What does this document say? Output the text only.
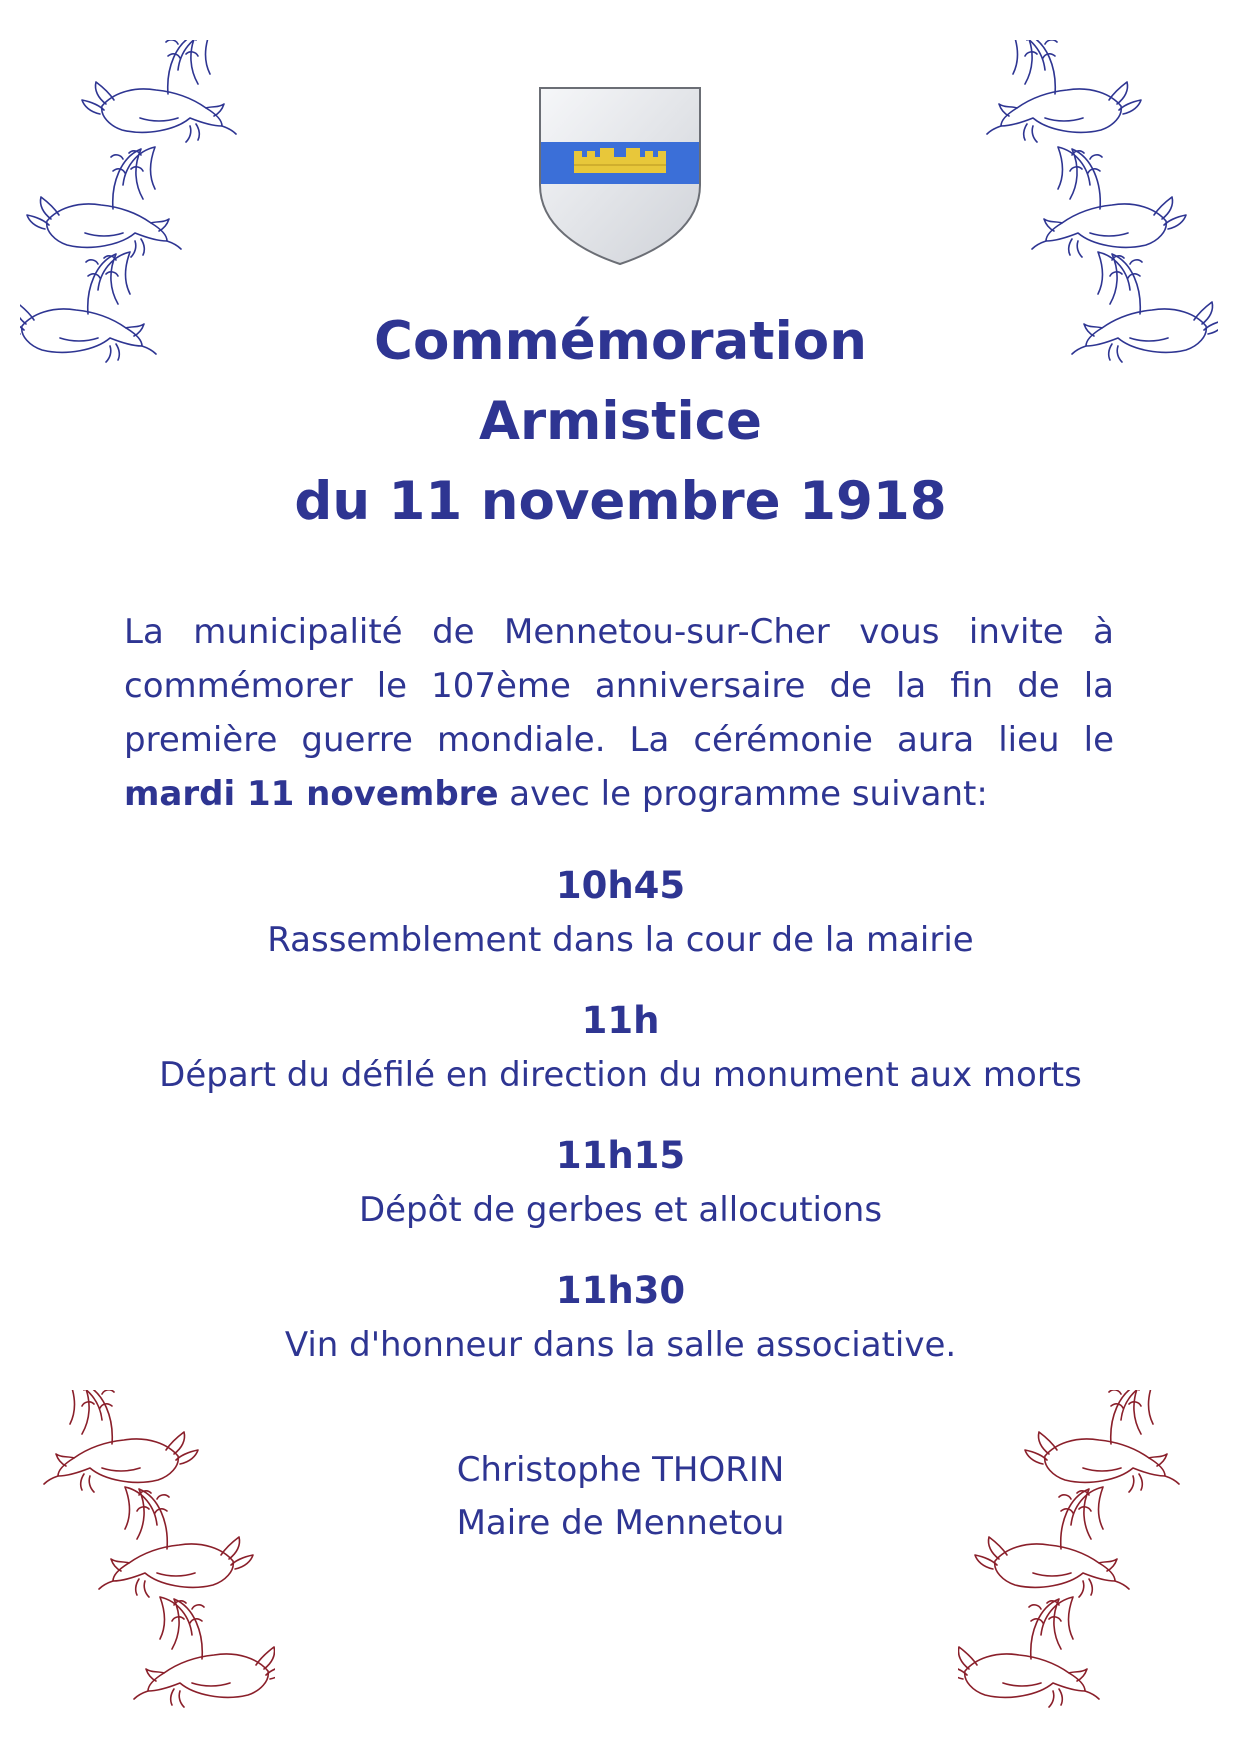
Commémoration
Armistice
du 11 novembre 1918
La municipalité de Mennetou-sur-Cher vous invite à commémorer le 107ème anniversaire de la fin de la première guerre mondiale. La cérémonie aura lieu le mardi 11 novembre avec le programme suivant:
10h45
Rassemblement dans la cour de la mairie
11h
Départ du défilé en direction du monument aux morts
11h15
Dépôt de gerbes et allocutions
11h30
Vin d'honneur dans la salle associative.
Christophe THORIN
Maire de Mennetou
